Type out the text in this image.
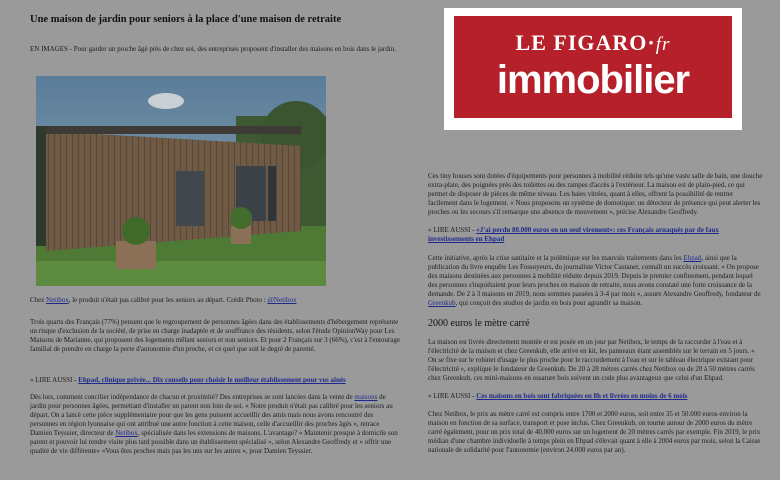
Une maison de jardin pour seniors à la place d'une maison de retraite
EN IMAGES - Pour garder un proche âgé près de chez soi, des entreprises proposent d'installer des maisons en bois dans le jardin.
Chez Netibox, le produit n'était pas calibré pour les seniors au départ. Crédit Photo : @Netibox
Trois quarts des Français (77%) pensent que le regroupement de personnes âgées dans des établissements d'hébergement représente un risque d'exclusion de la société, de prise en charge inadaptée et de souffrance des résidents, selon l'étude OpinionWay pour Les Maisons de Marianne, qui proposent des logements mêlant seniors et non seniors. Et pour 2 Français sur 3 (66%), c'est à l'entourage familial de prendre en charge la perte d'autonomie d'un proche, et ce quel que soit le degré de parenté.
» LIRE AUSSI - Ehpad, clinique privée... Dix conseils pour choisir le meilleur établissement pour vos aînés
Dès lors, comment concilier indépendance de chacun et proximité? Des entreprises se sont lancées dans la vente de maisons de jardin pour personnes âgées, permettant d'installer un parent non loin de soi. « Notre produit n'était pas calibré pour les seniors au départ. On a lancé cette pièce supplémentaire pour que les gens puissent accueillir des amis mais nous avons rencontré des personnes en région lyonnaise qui ont attribué une autre fonction à cette maison, celle d'accueillir des proches âgés », retrace Damien Teyssier, directeur de Netibox, spécialisée dans les extensions de maisons. L'avantage? « Maintenir presque à domicile son parent et pouvoir lui rendre visite plus tard possible dans un établissement spécialisé », selon Alexandre Geoffredy et « offrir une qualité de vie différente» «Vous êtes proches mais pas les uns sur les autres », pour Damien Teyssier.
LE FIGARO·fr
immobilier
Ces tiny houses sont dotées d'équipements pour personnes à mobilité réduite tels qu'une vaste salle de bain, une douche extra-plate, des poignées près des toilettes ou des rampes d'accès à l'extérieur. La maison est de plain-pied, ce qui permet de disposer de pièces de même niveau. Les baies vitrées, quant à elles, offrent la possibilité de rentrer facilement dans le logement. « Nous proposons un système de domotique: un détecteur de présence qui peut alerter les proches ou les secours s'il remarque une absence de mouvement », précise Alexandre Geoffredy.
» LIRE AUSSI - «J'ai perdu 80.000 euros en un seul virement»: ces Français arnaqués par de faux investissements en Ehpad
Cette initiative, après la crise sanitaire et la polémique sur les mauvais traitements dans les Ehpad, ainsi que la publication du livre enquête Les Fossoyeurs, du journaliste Victor Castanet, connaît un succès croissant. « On propose des maisons destinées aux personnes à mobilité réduite depuis 2019. Depuis le premier confinement, pendant lequel des personnes s'inquiétaient pour leurs proches en maison de retraite, nous avons constaté une forte croissance de la demande. De 2 à 3 maisons en 2019, nous sommes passées à 3-4 par mois », assure Alexandre Geoffredy, fondateur de Greenkub, qui conçoit des studios de jardin en bois pour agrandir sa maison.
2000 euros le mètre carré
La maison est livrée directement montée et est posée en un jour par Netibox, le temps de la raccorder à l'eau et à l'électricité de la maison et chez Greenkub, elle arrive en kit, les panneaux étant assemblés sur le terrain en 5 jours. « On se fixe sur le robinet d'usage le plus proche pour le raccordement à l'eau et sur le tableau électrique existant pour l'électricité », explique le fondateur de Greenkub. De 20 à 28 mètres carrés chez Netibox ou de 20 à 50 mètres carrés chez Greenkub, ces mini-maisons en ossature bois suivent un code plus avantageux que celui d'un Ehpad.
» LIRE AUSSI - Ces maisons en bois sont fabriquées en 8h et livrées en moins de 6 mois
Chez Netibox, le prix au mètre carré est compris entre 1700 et 2000 euros, soit entre 35 et 50.000 euros environ la maison en fonction de sa surface, transport et pose inclus. Chez Greenkub, on tourne autour de 2000 euros du mètre carré également, pour un prix total de 40.000 euros sur un logement de 20 mètres carrés par exemple. Fin 2019, le prix médian d'une chambre individuelle à temps plein en Ehpad s'élevait quant à elle à 2004 euros par mois, selon la Caisse nationale de solidarité pour l'autonomie (environ 24.000 euros par an).
